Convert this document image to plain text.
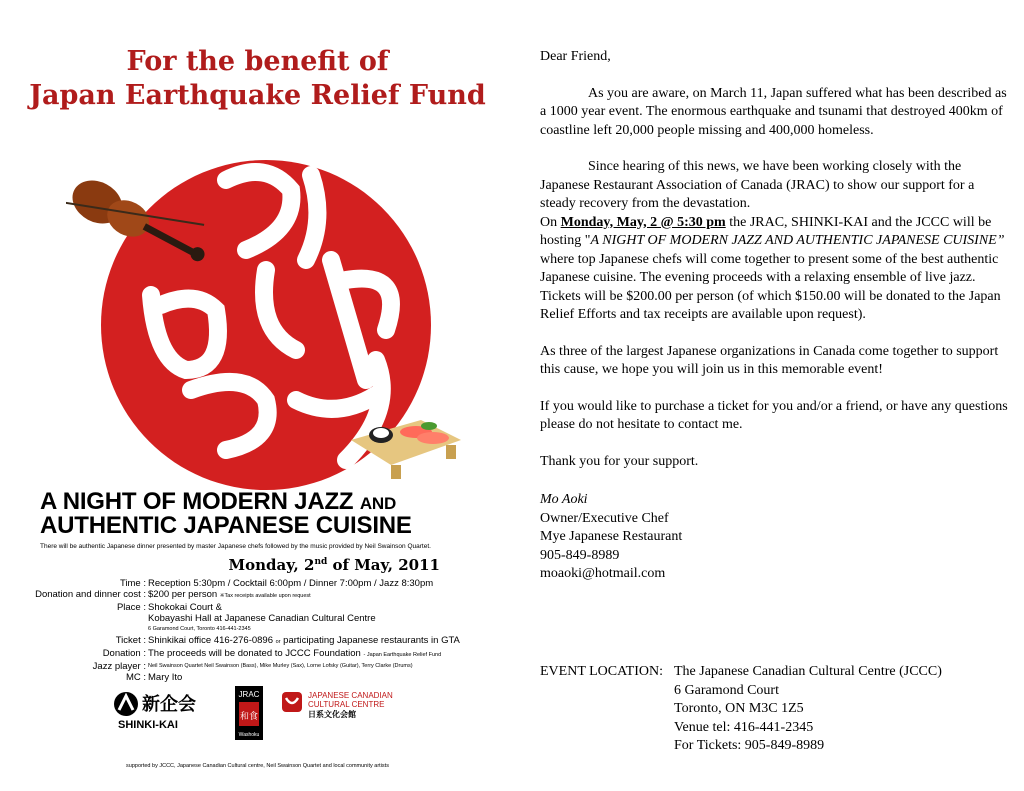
For the benefit of
Japan Earthquake Relief Fund
がんばれ
A NIGHT OF MODERN JAZZ AND
AUTHENTIC JAPANESE CUISINE
There will be authentic Japanese dinner presented by master Japanese chefs followed by the music provided by Neil Swainson Quartet.
Monday, 2nd of May, 2011
Time : Reception 5:30pm / Cocktail 6:00pm / Dinner 7:00pm / Jazz 8:30pm
Donation and dinner cost : $200 per person ※Tax receipts available upon request
Place : Shokokai Court &
Kobayashi Hall at Japanese Canadian Cultural Centre
6 Garamond Court, Toronto 416-441-2345
Ticket : Shinkikai office 416-276-0896 or participating Japanese restaurants in GTA
Donation : The proceeds will be donated to JCCC Foundation - Japan Earthquake Relief Fund
Jazz player : Neil Swainson Quartet Neil Swainson (Bass), Mike Murley (Sax), Lorne Lofsky (Guitar), Terry Clarke (Drums)
MC : Mary Ito
新企会
SHINKI-KAI
JRAC
和食
Washoku
JAPANESE CANADIAN
CULTURAL CENTRE
日系文化会館
supported by JCCC, Japanese Canadian Cultural centre, Neil Swainson Quartet and local community artists

Dear Friend,

As you are aware, on March 11, Japan suffered what has been described as a 1000 year event. The enormous earthquake and tsunami that destroyed 400km of coastline left 20,000 people missing and 400,000 homeless.

Since hearing of this news, we have been working closely with the Japanese Restaurant Association of Canada (JRAC) to show our support for a steady recovery from the devastation.

On Monday, May, 2 @ 5:30 pm the JRAC, SHINKI-KAI and the JCCC will be hosting "A NIGHT OF MODERN JAZZ AND AUTHENTIC JAPANESE CUISINE” where top Japanese chefs will come together to present some of the best authentic Japanese cuisine. The evening proceeds with a relaxing ensemble of live jazz. Tickets will be $200.00 per person (of which $150.00 will be donated to the Japan Relief Efforts and tax receipts are available upon request).

As three of the largest Japanese organizations in Canada come together to support this cause, we hope you will join us in this memorable event!

If you would like to purchase a ticket for you and/or a friend, or have any questions please do not hesitate to contact me.

Thank you for your support.

Mo Aoki

Owner/Executive Chef

Mye Japanese Restaurant

905-849-8989

moaoki@hotmail.com

EVENT LOCATION: The Japanese Canadian Cultural Centre (JCCC)
6 Garamond Court
Toronto, ON M3C 1Z5
Venue tel: 416-441-2345
For Tickets: 905-849-8989
